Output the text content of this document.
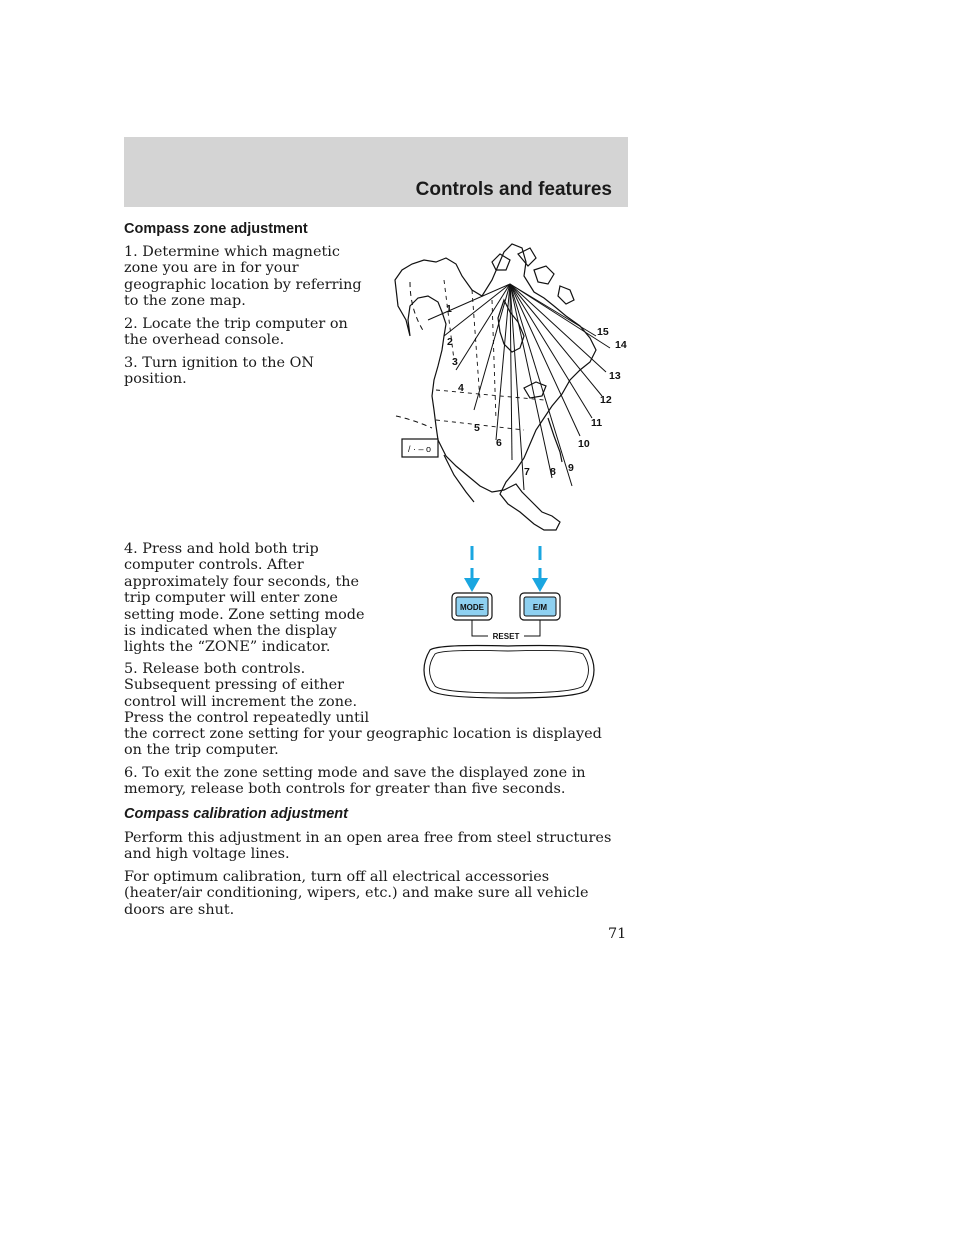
Controls and features
Compass zone adjustment

1. Determine which magnetic zone you are in for your geographic location by referring to the zone map.

2. Locate the trip computer on the overhead console.

3. Turn ignition to the ON position.

/ · ‒ o
1
2
3
4
5
6
7 8 9
10
11
12
13
14
15

4. Press and hold both trip computer controls. After approximately four seconds, the trip computer will enter zone setting mode. Zone setting mode is indicated when the display lights the “ZONE” indicator.

MODE	E/M
RESET

5. Release both controls. Subsequent pressing of either control will increment the zone. Press the control repeatedly until

the correct zone setting for your geographic location is displayed on the trip computer.

6. To exit the zone setting mode and save the displayed zone in memory, release both controls for greater than five seconds.

Compass calibration adjustment

Perform this adjustment in an open area free from steel structures and high voltage lines.

For optimum calibration, turn off all electrical accessories (heater/air conditioning, wipers, etc.) and make sure all vehicle doors are shut.

71
